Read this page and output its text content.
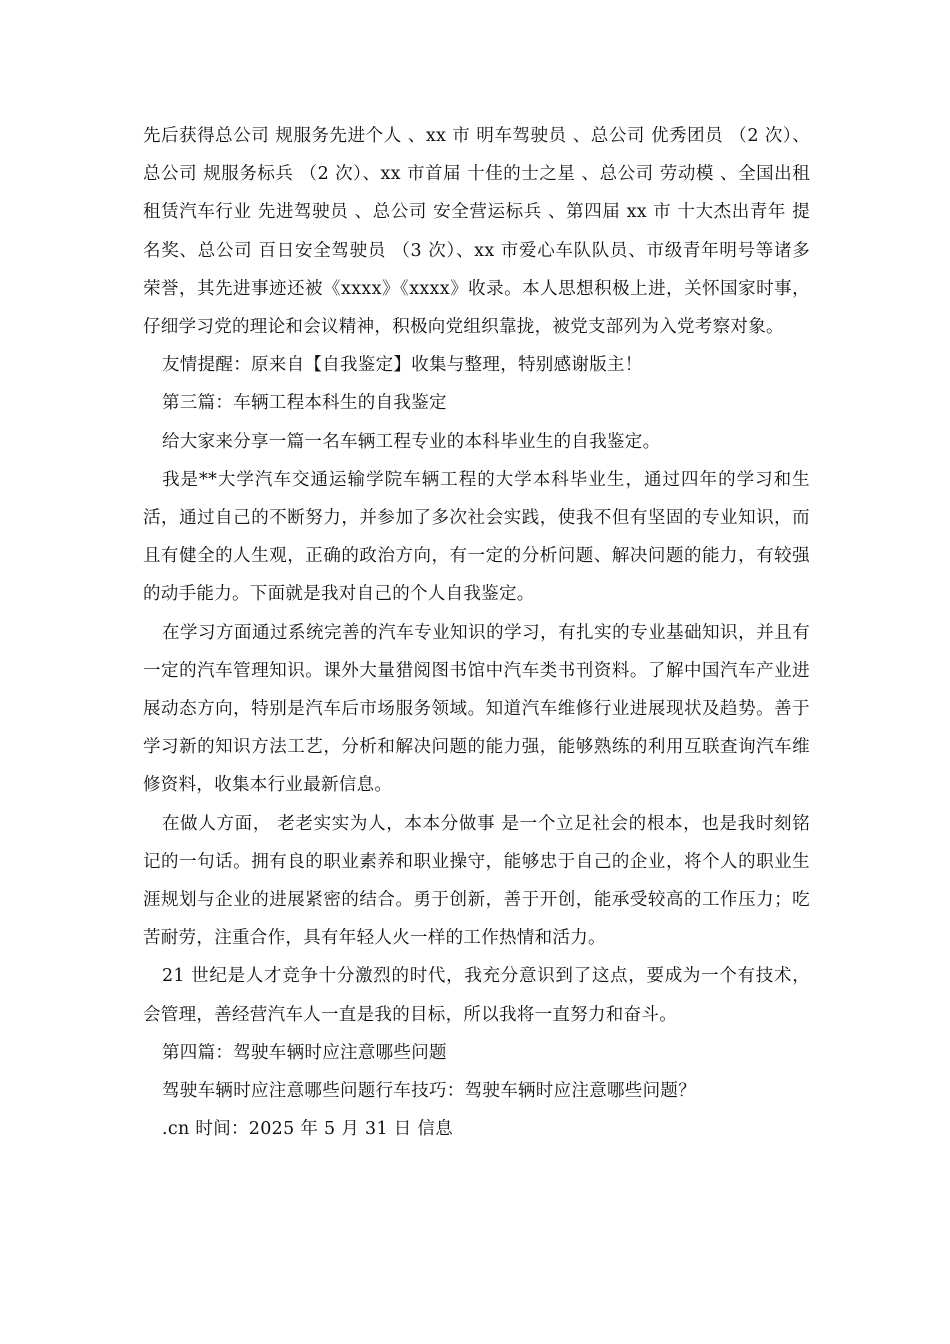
先后获得总公司 规服务先进个人 、xx 市 明车驾驶员 、总公司 优秀团员 （2 次）、总公司 规服务标兵 （2 次）、xx 市首届 十佳的士之星 、总公司 劳动模 、全国出租租赁汽车行业 先进驾驶员 、总公司 安全营运标兵 、第四届 xx 市 十大杰出青年 提名奖、总公司 百日安全驾驶员 （3 次）、xx 市爱心车队队员、市级青年明号等诸多荣誉，其先进事迹还被《xxxx》《xxxx》收录。本人思想积极上进，关怀国家时事，仔细学习党的理论和会议精神，积极向党组织靠拢，被党支部列为入党考察对象。

友情提醒：原来自【自我鉴定】收集与整理，特别感谢版主！

第三篇：车辆工程本科生的自我鉴定

给大家来分享一篇一名车辆工程专业的本科毕业生的自我鉴定。

我是**大学汽车交通运输学院车辆工程的大学本科毕业生，通过四年的学习和生活，通过自己的不断努力，并参加了多次社会实践，使我不但有坚固的专业知识，而且有健全的人生观，正确的政治方向，有一定的分析问题、解决问题的能力，有较强的动手能力。下面就是我对自己的个人自我鉴定。

在学习方面通过系统完善的汽车专业知识的学习，有扎实的专业基础知识，并且有一定的汽车管理知识。课外大量猎阅图书馆中汽车类书刊资料。了解中国汽车产业进展动态方向，特别是汽车后市场服务领域。知道汽车维修行业进展现状及趋势。善于学习新的知识方法工艺，分析和解决问题的能力强，能够熟练的利用互联查询汽车维修资料，收集本行业最新信息。

在做人方面， 老老实实为人，本本分做事 是一个立足社会的根本，也是我时刻铭记的一句话。拥有良的职业素养和职业操守，能够忠于自己的企业，将个人的职业生涯规划与企业的进展紧密的结合。勇于创新，善于开创，能承受较高的工作压力；吃苦耐劳，注重合作，具有年轻人火一样的工作热情和活力。

21 世纪是人才竞争十分激烈的时代，我充分意识到了这点，要成为一个有技术，会管理，善经营汽车人一直是我的目标，所以我将一直努力和奋斗。

第四篇：驾驶车辆时应注意哪些问题

驾驶车辆时应注意哪些问题行车技巧：驾驶车辆时应注意哪些问题？

.cn 时间：2025 年 5 月 31 日 信息
